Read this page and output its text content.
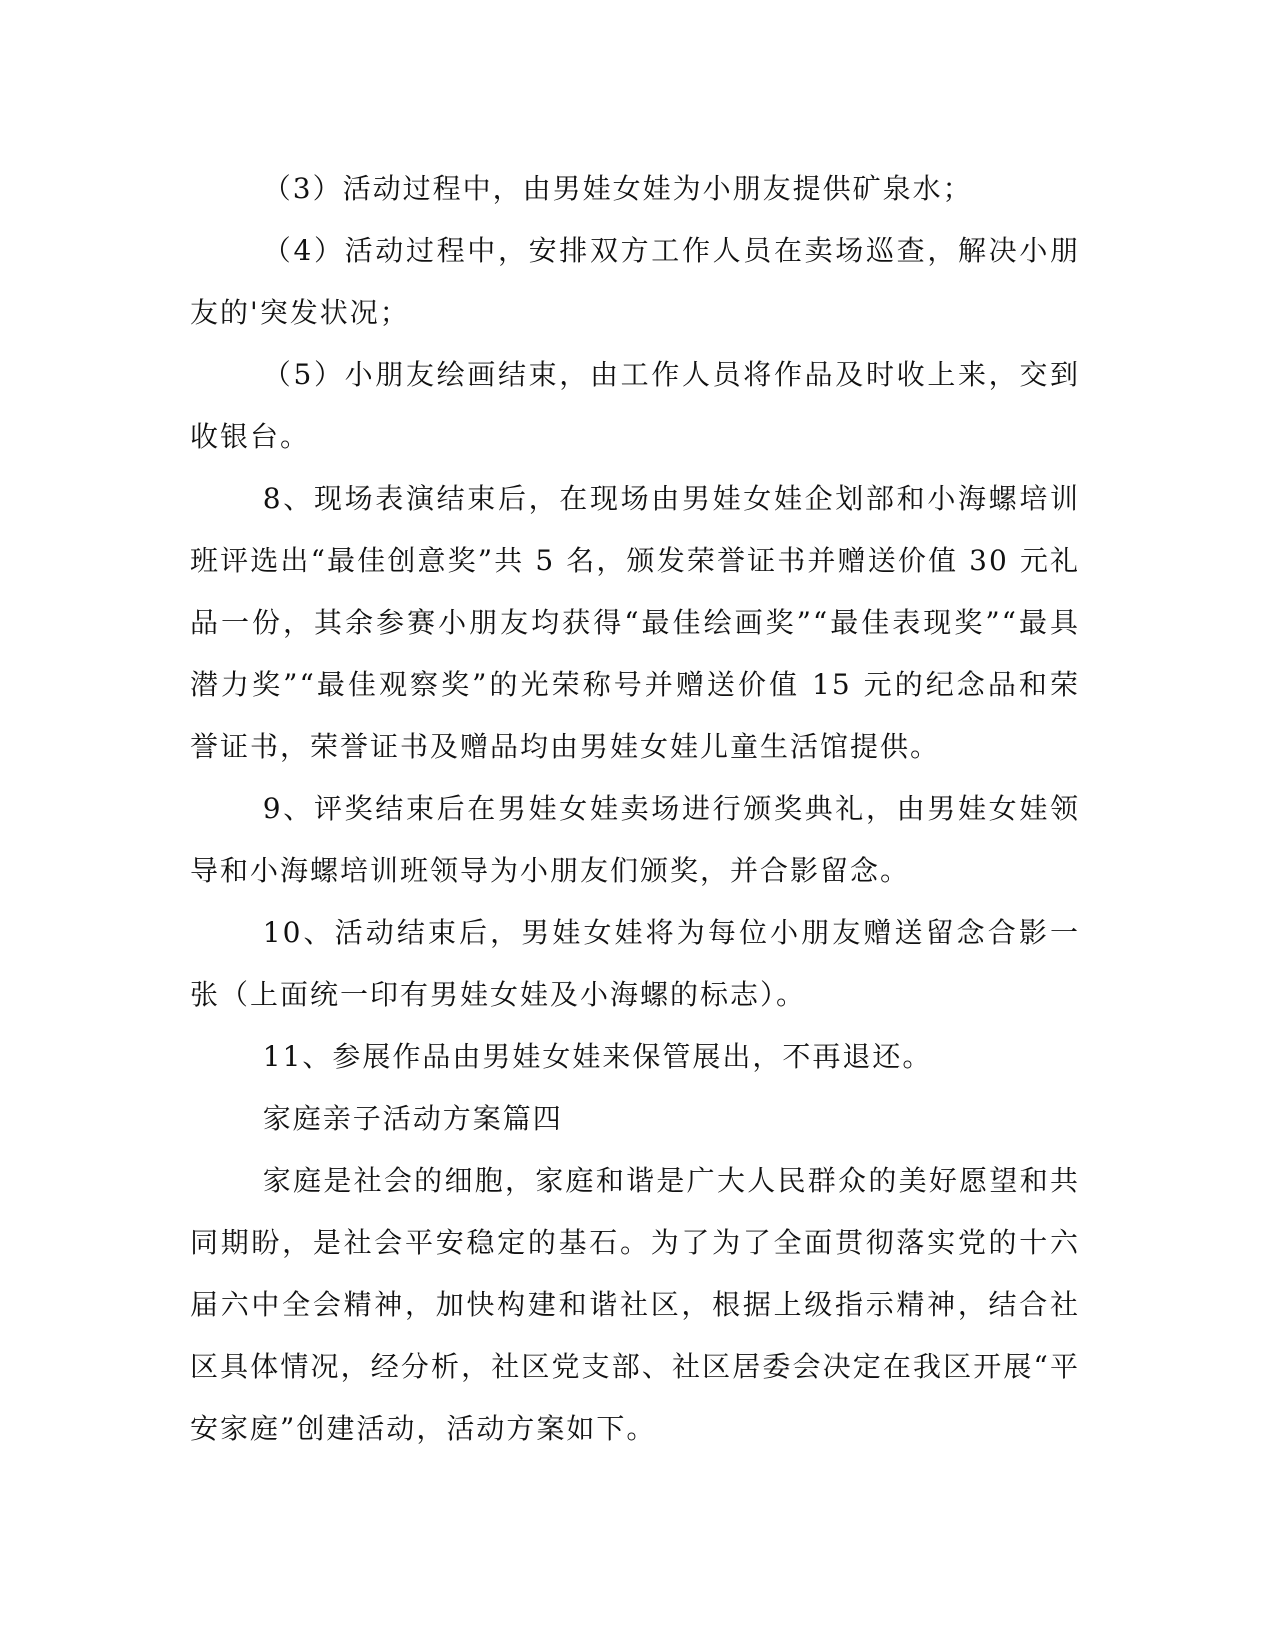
（3）活动过程中，由男娃女娃为小朋友提供矿泉水；

（4）活动过程中，安排双方工作人员在卖场巡查，解决小朋友的'突发状况；

（5）小朋友绘画结束，由工作人员将作品及时收上来，交到收银台。

8、现场表演结束后，在现场由男娃女娃企划部和小海螺培训班评选出“最佳创意奖”共 5 名，颁发荣誉证书并赠送价值 30 元礼品一份，其余参赛小朋友均获得“最佳绘画奖”“最佳表现奖”“最具潜力奖”“最佳观察奖”的光荣称号并赠送价值 15 元的纪念品和荣誉证书，荣誉证书及赠品均由男娃女娃儿童生活馆提供。

9、评奖结束后在男娃女娃卖场进行颁奖典礼，由男娃女娃领导和小海螺培训班领导为小朋友们颁奖，并合影留念。

10、活动结束后，男娃女娃将为每位小朋友赠送留念合影一张（上面统一印有男娃女娃及小海螺的标志）。

11、参展作品由男娃女娃来保管展出，不再退还。

家庭亲子活动方案篇四

家庭是社会的细胞，家庭和谐是广大人民群众的美好愿望和共同期盼，是社会平安稳定的基石。为了为了全面贯彻落实党的十六届六中全会精神，加快构建和谐社区，根据上级指示精神，结合社区具体情况，经分析，社区党支部、社区居委会决定在我区开展“平安家庭”创建活动，活动方案如下。
